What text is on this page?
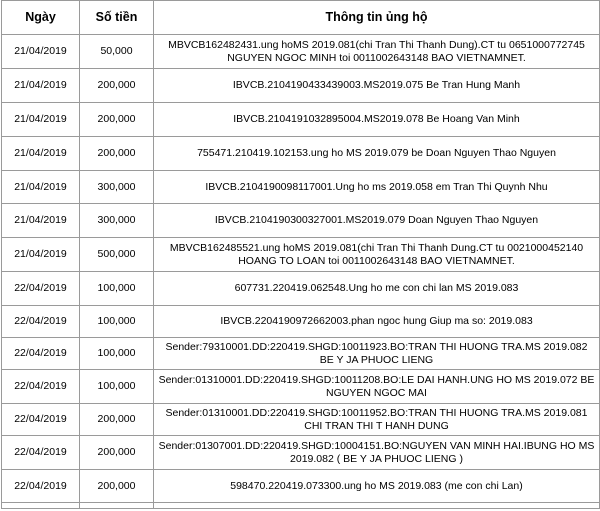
Ngày	Số tiền	Thông tin ủng hộ
21/04/2019	50,000	MBVCB162482431.ung hoMS 2019.081(chi Tran Thi Thanh Dung).CT tu 0651000772745 NGUYEN NGOC MINH toi 0011002643148 BAO VIETNAMNET.
21/04/2019	200,000	IBVCB.2104190433439003.MS2019.075 Be Tran Hung Manh
21/04/2019	200,000	IBVCB.2104191032895004.MS2019.078 Be Hoang Van Minh
21/04/2019	200,000	755471.210419.102153.ung ho MS 2019.079 be Doan Nguyen Thao Nguyen
21/04/2019	300,000	IBVCB.2104190098117001.Ung ho ms 2019.058 em Tran Thi Quynh Nhu
21/04/2019	300,000	IBVCB.2104190300327001.MS2019.079 Doan Nguyen Thao Nguyen
21/04/2019	500,000	MBVCB162485521.ung hoMS 2019.081(chi Tran Thi Thanh Dung.CT tu 0021000452140 HOANG TO LOAN toi 0011002643148 BAO VIETNAMNET.
22/04/2019	100,000	607731.220419.062548.Ung ho me con chi lan MS 2019.083
22/04/2019	100,000	IBVCB.2204190972662003.phan ngoc hung Giup ma so: 2019.083
22/04/2019	100,000	Sender:79310001.DD:220419.SHGD:10011923.BO:TRAN THI HUONG TRA.MS 2019.082 BE Y JA PHUOC LIENG
22/04/2019	100,000	Sender:01310001.DD:220419.SHGD:10011208.BO:LE DAI HANH.UNG HO MS 2019.072 BE NGUYEN NGOC MAI
22/04/2019	200,000	Sender:01310001.DD:220419.SHGD:10011952.BO:TRAN THI HUONG TRA.MS 2019.081 CHI TRAN THI T HANH DUNG
22/04/2019	200,000	Sender:01307001.DD:220419.SHGD:10004151.BO:NGUYEN VAN MINH HAI.IBUNG HO MS 2019.082 ( BE Y JA PHUOC LIENG )
22/04/2019	200,000	598470.220419.073300.ung ho MS 2019.083 (me con chi Lan)
